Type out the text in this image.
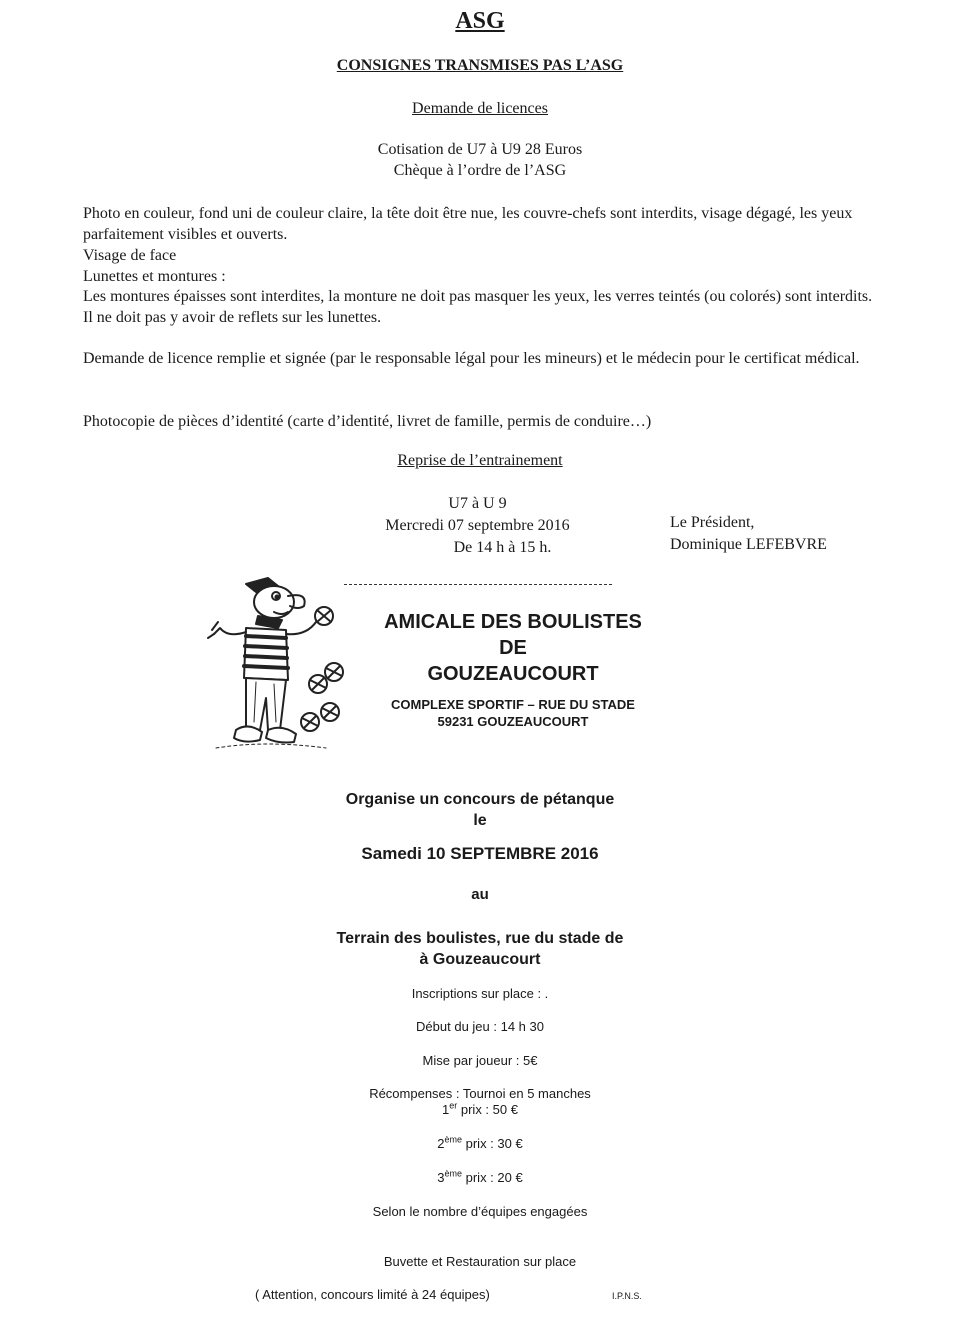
ASG
CONSIGNES TRANSMISES PAS L’ASG
Demande de licences
Cotisation de U7 à U9 28 Euros
Chèque à l’ordre de l’ASG
Photo en couleur, fond uni de couleur claire, la tête doit être nue, les couvre-chefs sont interdits, visage dégagé, les yeux parfaitement visibles et ouverts.
Visage de face
Lunettes et montures :
Les montures épaisses sont interdites, la monture ne doit pas masquer les yeux, les verres teintés (ou colorés) sont interdits. Il ne doit pas y avoir de reflets sur les lunettes.
Demande de licence remplie et signée (par le responsable légal pour les mineurs) et le médecin pour le certificat médical.
Photocopie de pièces d’identité (carte d’identité, livret de famille, permis de conduire…)
Reprise de l’entrainement
U7 à U 9
Mercredi 07 septembre 2016
De 14 h à 15 h.
Le Président,
Dominique LEFEBVRE
AMICALE DES BOULISTES
DE
GOUZEAUCOURT
COMPLEXE SPORTIF – RUE DU STADE
59231 GOUZEAUCOURT
Organise un concours de pétanque
le
Samedi 10 SEPTEMBRE 2016
au
Terrain des boulistes, rue du stade de
à Gouzeaucourt
Inscriptions sur place : .
Début du jeu : 14 h 30
Mise par joueur : 5€
Récompenses : Tournoi en 5 manches
1er prix : 50 €
2ème prix : 30 €
3ème prix : 20 €
Selon le nombre d’équipes engagées
Buvette et Restauration sur place
( Attention, concours limité à 24 équipes)	I.P.N.S.
